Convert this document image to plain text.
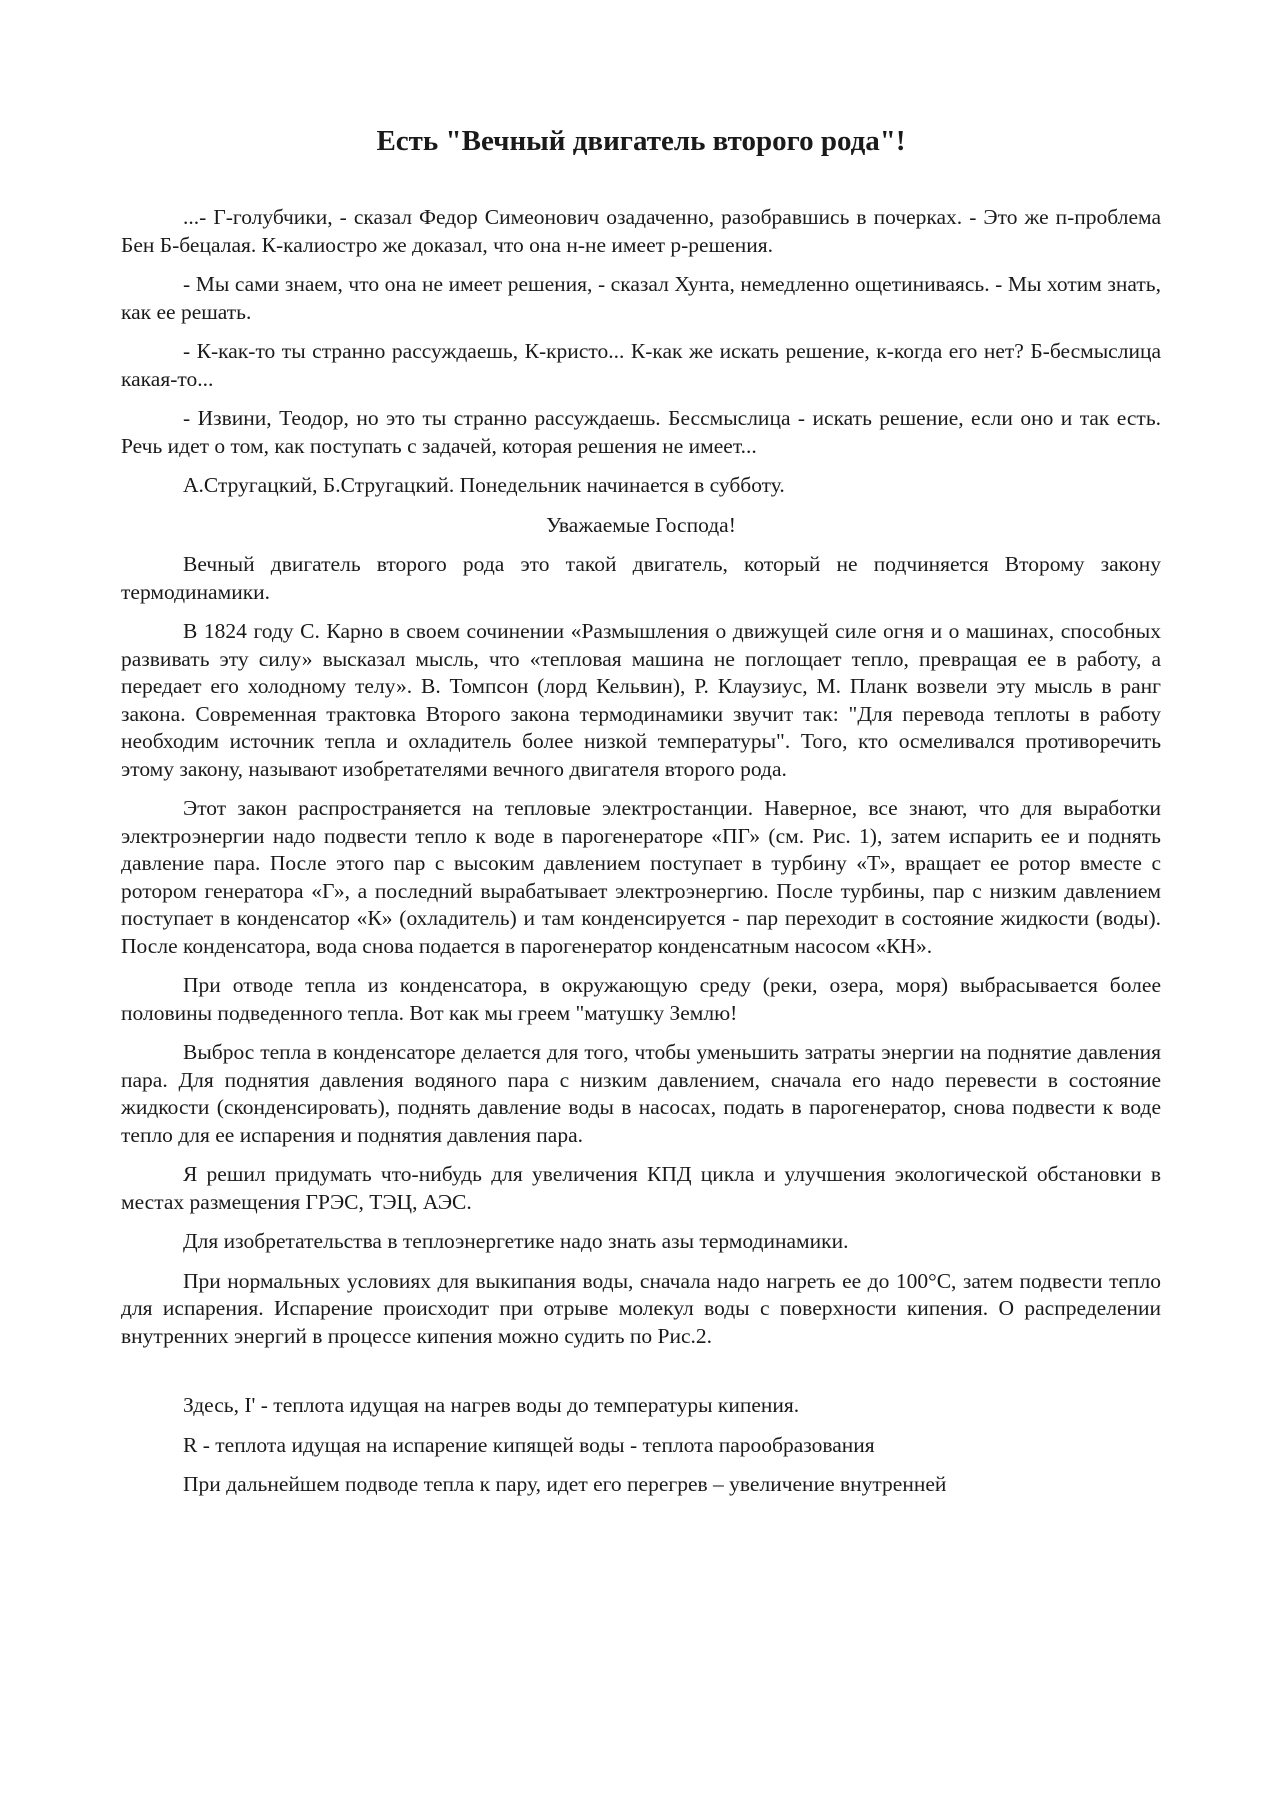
Есть "Вечный двигатель второго рода"!

...- Г-голубчики, - сказал Федор Симеонович озадаченно, разобравшись в почерках. - Это же п-проблема Бен Б-бецалая. К-калиостро же доказал, что она н-не имеет р-решения.

- Мы сами знаем, что она не имеет решения, - сказал Хунта, немедленно ощетиниваясь. - Мы хотим знать, как ее решать.

- К-как-то ты странно рассуждаешь, К-кристо... К-как же искать решение, к-когда его нет? Б-бесмыслица какая-то...

- Извини, Теодор, но это ты странно рассуждаешь. Бессмыслица - искать решение, если оно и так есть. Речь идет о том, как поступать с задачей, которая решения не имеет...

А.Стругацкий, Б.Стругацкий. Понедельник начинается в субботу.

Уважаемые Господа!

Вечный двигатель второго рода это такой двигатель, который не подчиняется Второму закону термодинамики.

В 1824 году С. Карно в своем сочинении «Размышления о движущей силе огня и о машинах, способных развивать эту силу» высказал мысль, что «тепловая машина не поглощает тепло, превращая ее в работу, а передает его холодному телу». В. Томпсон (лорд Кельвин), Р. Клаузиус, М. Планк возвели эту мысль в ранг закона. Современная трактовка Второго закона термодинамики звучит так: "Для перевода теплоты в работу необходим источник тепла и охладитель более низкой температуры". Того, кто осмеливался противоречить этому закону, называют изобретателями вечного двигателя второго рода.

Этот закон распространяется на тепловые электростанции. Наверное, все знают, что для выработки электроэнергии надо подвести тепло к воде в парогенераторе «ПГ» (см. Рис. 1), затем испарить ее и поднять давление пара. После этого пар с высоким давлением поступает в турбину «Т», вращает ее ротор вместе с ротором генератора «Г», а последний вырабатывает электроэнергию. После турбины, пар с низким давлением поступает в конденсатор «К» (охладитель) и там конденсируется - пар переходит в состояние жидкости (воды). После конденсатора, вода снова подается в парогенератор конденсатным насосом «КН».

При отводе тепла из конденсатора, в окружающую среду (реки, озера, моря) выбрасывается более половины подведенного тепла. Вот как мы греем "матушку Землю!

Выброс тепла в конденсаторе делается для того, чтобы уменьшить затраты энергии на поднятие давления пара. Для поднятия давления водяного пара с низким давлением, сначала его надо перевести в состояние жидкости (сконденсировать), поднять давление воды в насосах, подать в парогенератор, снова подвести к воде тепло для ее испарения и поднятия давления пара.

Я решил придумать что-нибудь для увеличения КПД цикла и улучшения экологической обстановки в местах размещения ГРЭС, ТЭЦ, АЭС.

Для изобретательства в теплоэнергетике надо знать азы термодинамики.

При нормальных условиях для выкипания воды, сначала надо нагреть ее до 100°С, затем подвести тепло для испарения. Испарение происходит при отрыве молекул воды с поверхности кипения. О распределении внутренних энергий в процессе кипения можно судить по Рис.2.

Здесь, I' - теплота идущая на нагрев воды до температуры кипения.

R - теплота идущая на испарение кипящей воды - теплота парообразования

При дальнейшем подводе тепла к пару, идет его перегрев – увеличение внутренней
